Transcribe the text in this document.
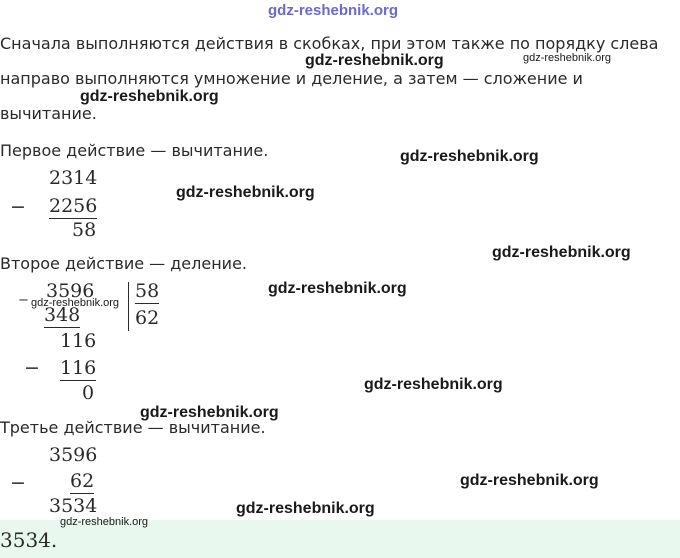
gdz-reshebnik.org
Сначала выполняются действия в скобках, при этом также по порядку слева
направо выполняются умножение и деление, а затем — сложение и
вычитание.
gdz-reshebnik.org	gdz-reshebnik.org
gdz-reshebnik.org
Первое действие — вычитание.	gdz-reshebnik.org
2314
− 2256
58
gdz-reshebnik.org
gdz-reshebnik.org
Второе действие — деление.
3596 58
62
− gdz-reshebnik.org
348
116
− 116
0
gdz-reshebnik.org
gdz-reshebnik.org
gdz-reshebnik.org
Третье действие — вычитание.
3596
− 62
3534
gdz-reshebnik.org
gdz-reshebnik.org
3534.
gdz-reshebnik.org
